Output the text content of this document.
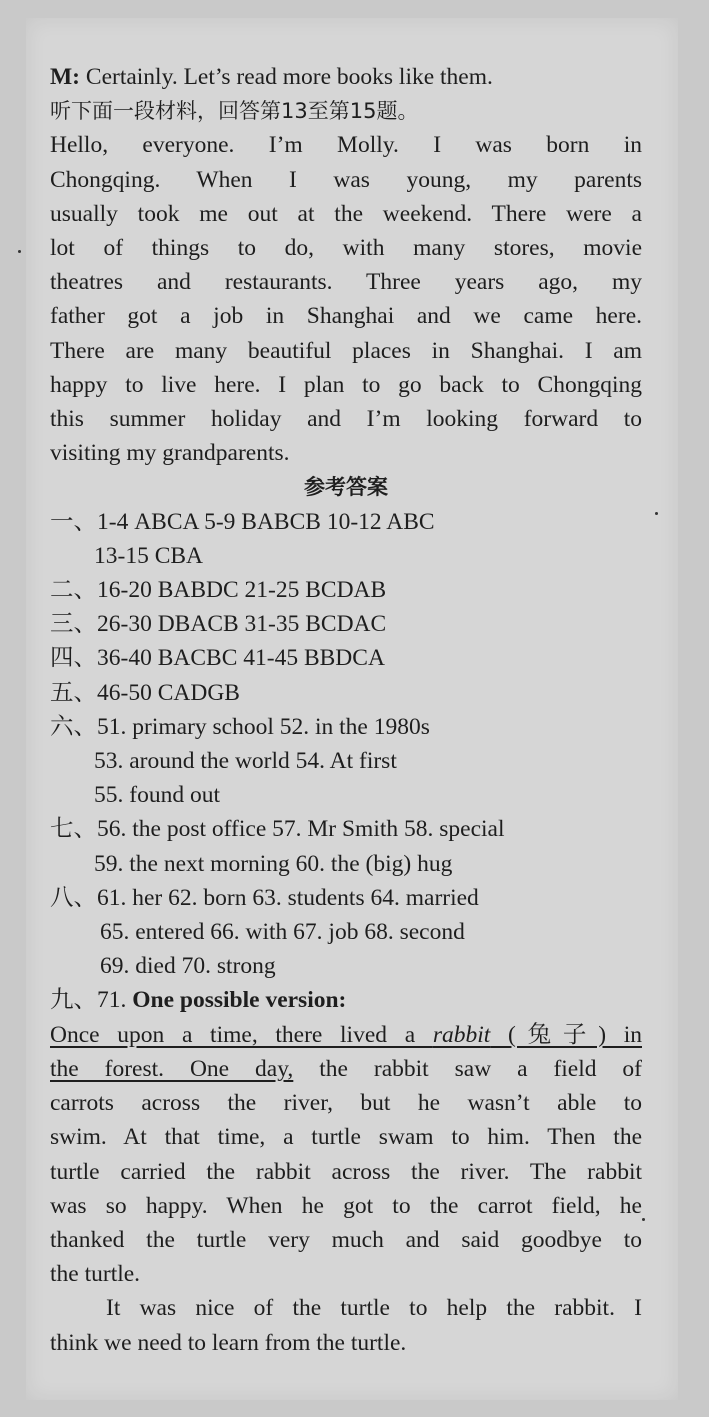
M: Certainly. Let’s read more books like them.
听下面一段材料，回答第13至第15题。
Hello, everyone. I’m Molly. I was born in
Chongqing. When I was young, my parents
usually took me out at the weekend. There were a
lot of things to do, with many stores, movie
theatres and restaurants. Three years ago, my
father got a job in Shanghai and we came here.
There are many beautiful places in Shanghai. I am
happy to live here. I plan to go back to Chongqing
this summer holiday and I’m looking forward to
visiting my grandparents.
参考答案
一、1-4 ABCA 5-9 BABCB 10-12 ABC
13-15 CBA
二、16-20 BABDC 21-25 BCDAB
三、26-30 DBACB 31-35 BCDAC
四、36-40 BACBC 41-45 BBDCA
五、46-50 CADGB
六、51. primary school 52. in the 1980s
53. around the world 54. At first
55. found out
七、56. the post office 57. Mr Smith 58. special
59. the next morning 60. the (big) hug
八、61. her 62. born 63. students 64. married
65. entered 66. with 67. job 68. second
69. died 70. strong
九、71. One possible version:
Once upon a time, there lived a rabbit (兔子) in
the forest. One day, the rabbit saw a field of
carrots across the river, but he wasn’t able to
swim. At that time, a turtle swam to him. Then the
turtle carried the rabbit across the river. The rabbit
was so happy. When he got to the carrot field, he
thanked the turtle very much and said goodbye to
the turtle.
It was nice of the turtle to help the rabbit. I
think we need to learn from the turtle.
